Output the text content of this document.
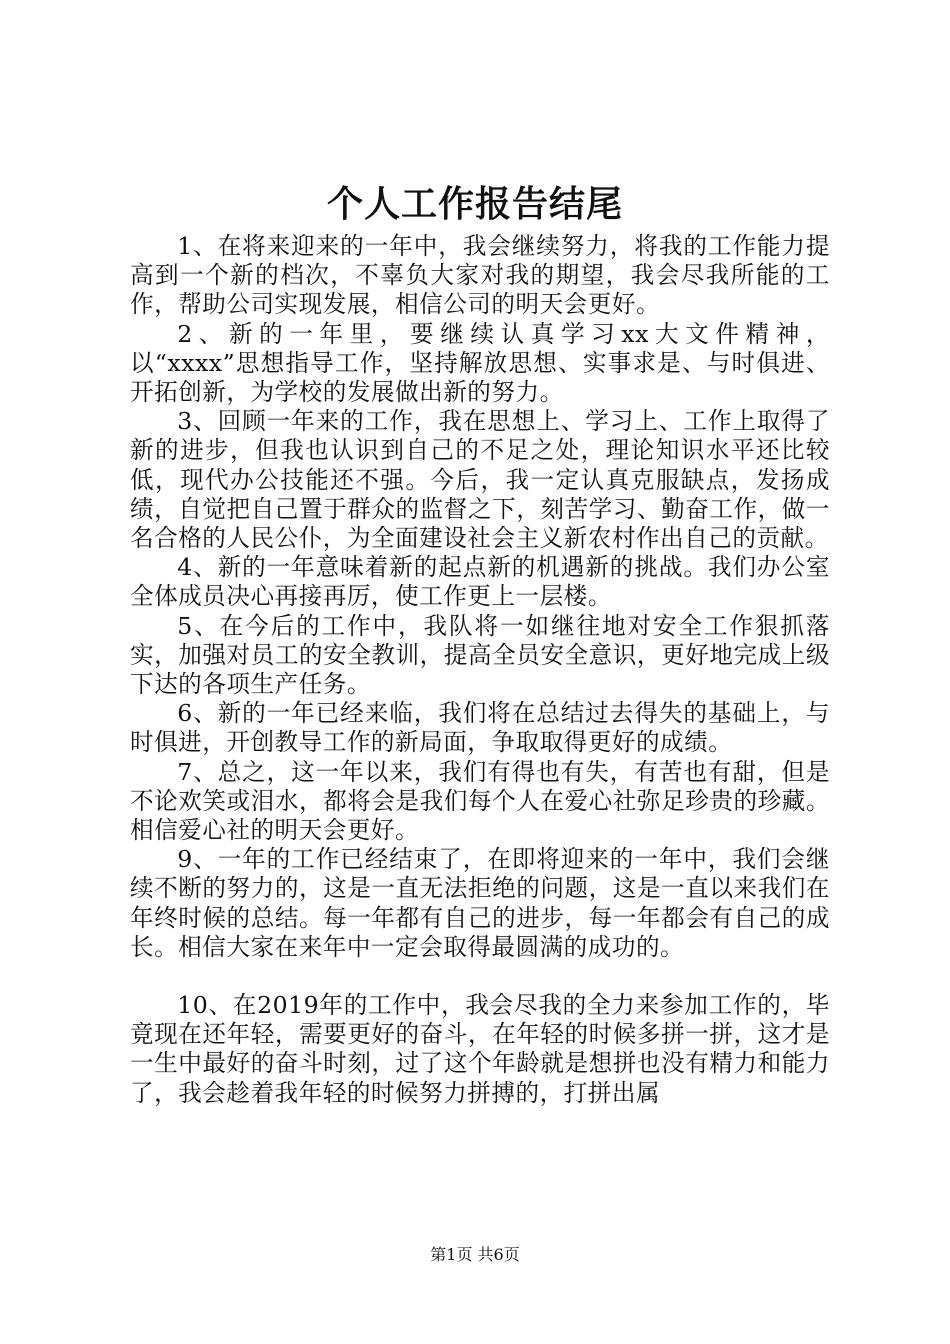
个人工作报告结尾

1、在将来迎来的一年中，我会继续努力，将我的工作能力提高到一个新的档次，不辜负大家对我的期望，我会尽我所能的工作，帮助公司实现发展，相信公司的明天会更好。

2、新的一年里，要继续认真学习xx大文件精神，以“xxxx”思想指导工作，坚持解放思想、实事求是、与时俱进、开拓创新，为学校的发展做出新的努力。

3、回顾一年来的工作，我在思想上、学习上、工作上取得了新的进步，但我也认识到自己的不足之处，理论知识水平还比较低，现代办公技能还不强。今后，我一定认真克服缺点，发扬成绩，自觉把自己置于群众的监督之下，刻苦学习、勤奋工作，做一名合格的人民公仆，为全面建设社会主义新农村作出自己的贡献。

4、新的一年意味着新的起点新的机遇新的挑战。我们办公室全体成员决心再接再厉，使工作更上一层楼。

5、在今后的工作中，我队将一如继往地对安全工作狠抓落实，加强对员工的安全教训，提高全员安全意识，更好地完成上级下达的各项生产任务。

6、新的一年已经来临，我们将在总结过去得失的基础上，与时俱进，开创教导工作的新局面，争取取得更好的成绩。

7、总之，这一年以来，我们有得也有失，有苦也有甜，但是不论欢笑或泪水，都将会是我们每个人在爱心社弥足珍贵的珍藏。相信爱心社的明天会更好。

9、一年的工作已经结束了，在即将迎来的一年中，我们会继续不断的努力的，这是一直无法拒绝的问题，这是一直以来我们在年终时候的总结。每一年都有自己的进步，每一年都会有自己的成长。相信大家在来年中一定会取得最圆满的成功的。

10、在2019年的工作中，我会尽我的全力来参加工作的，毕竟现在还年轻，需要更好的奋斗，在年轻的时候多拼一拼，这才是一生中最好的奋斗时刻，过了这个年龄就是想拼也没有精力和能力了，我会趁着我年轻的时候努力拼搏的，打拼出属

第1页 共6页
